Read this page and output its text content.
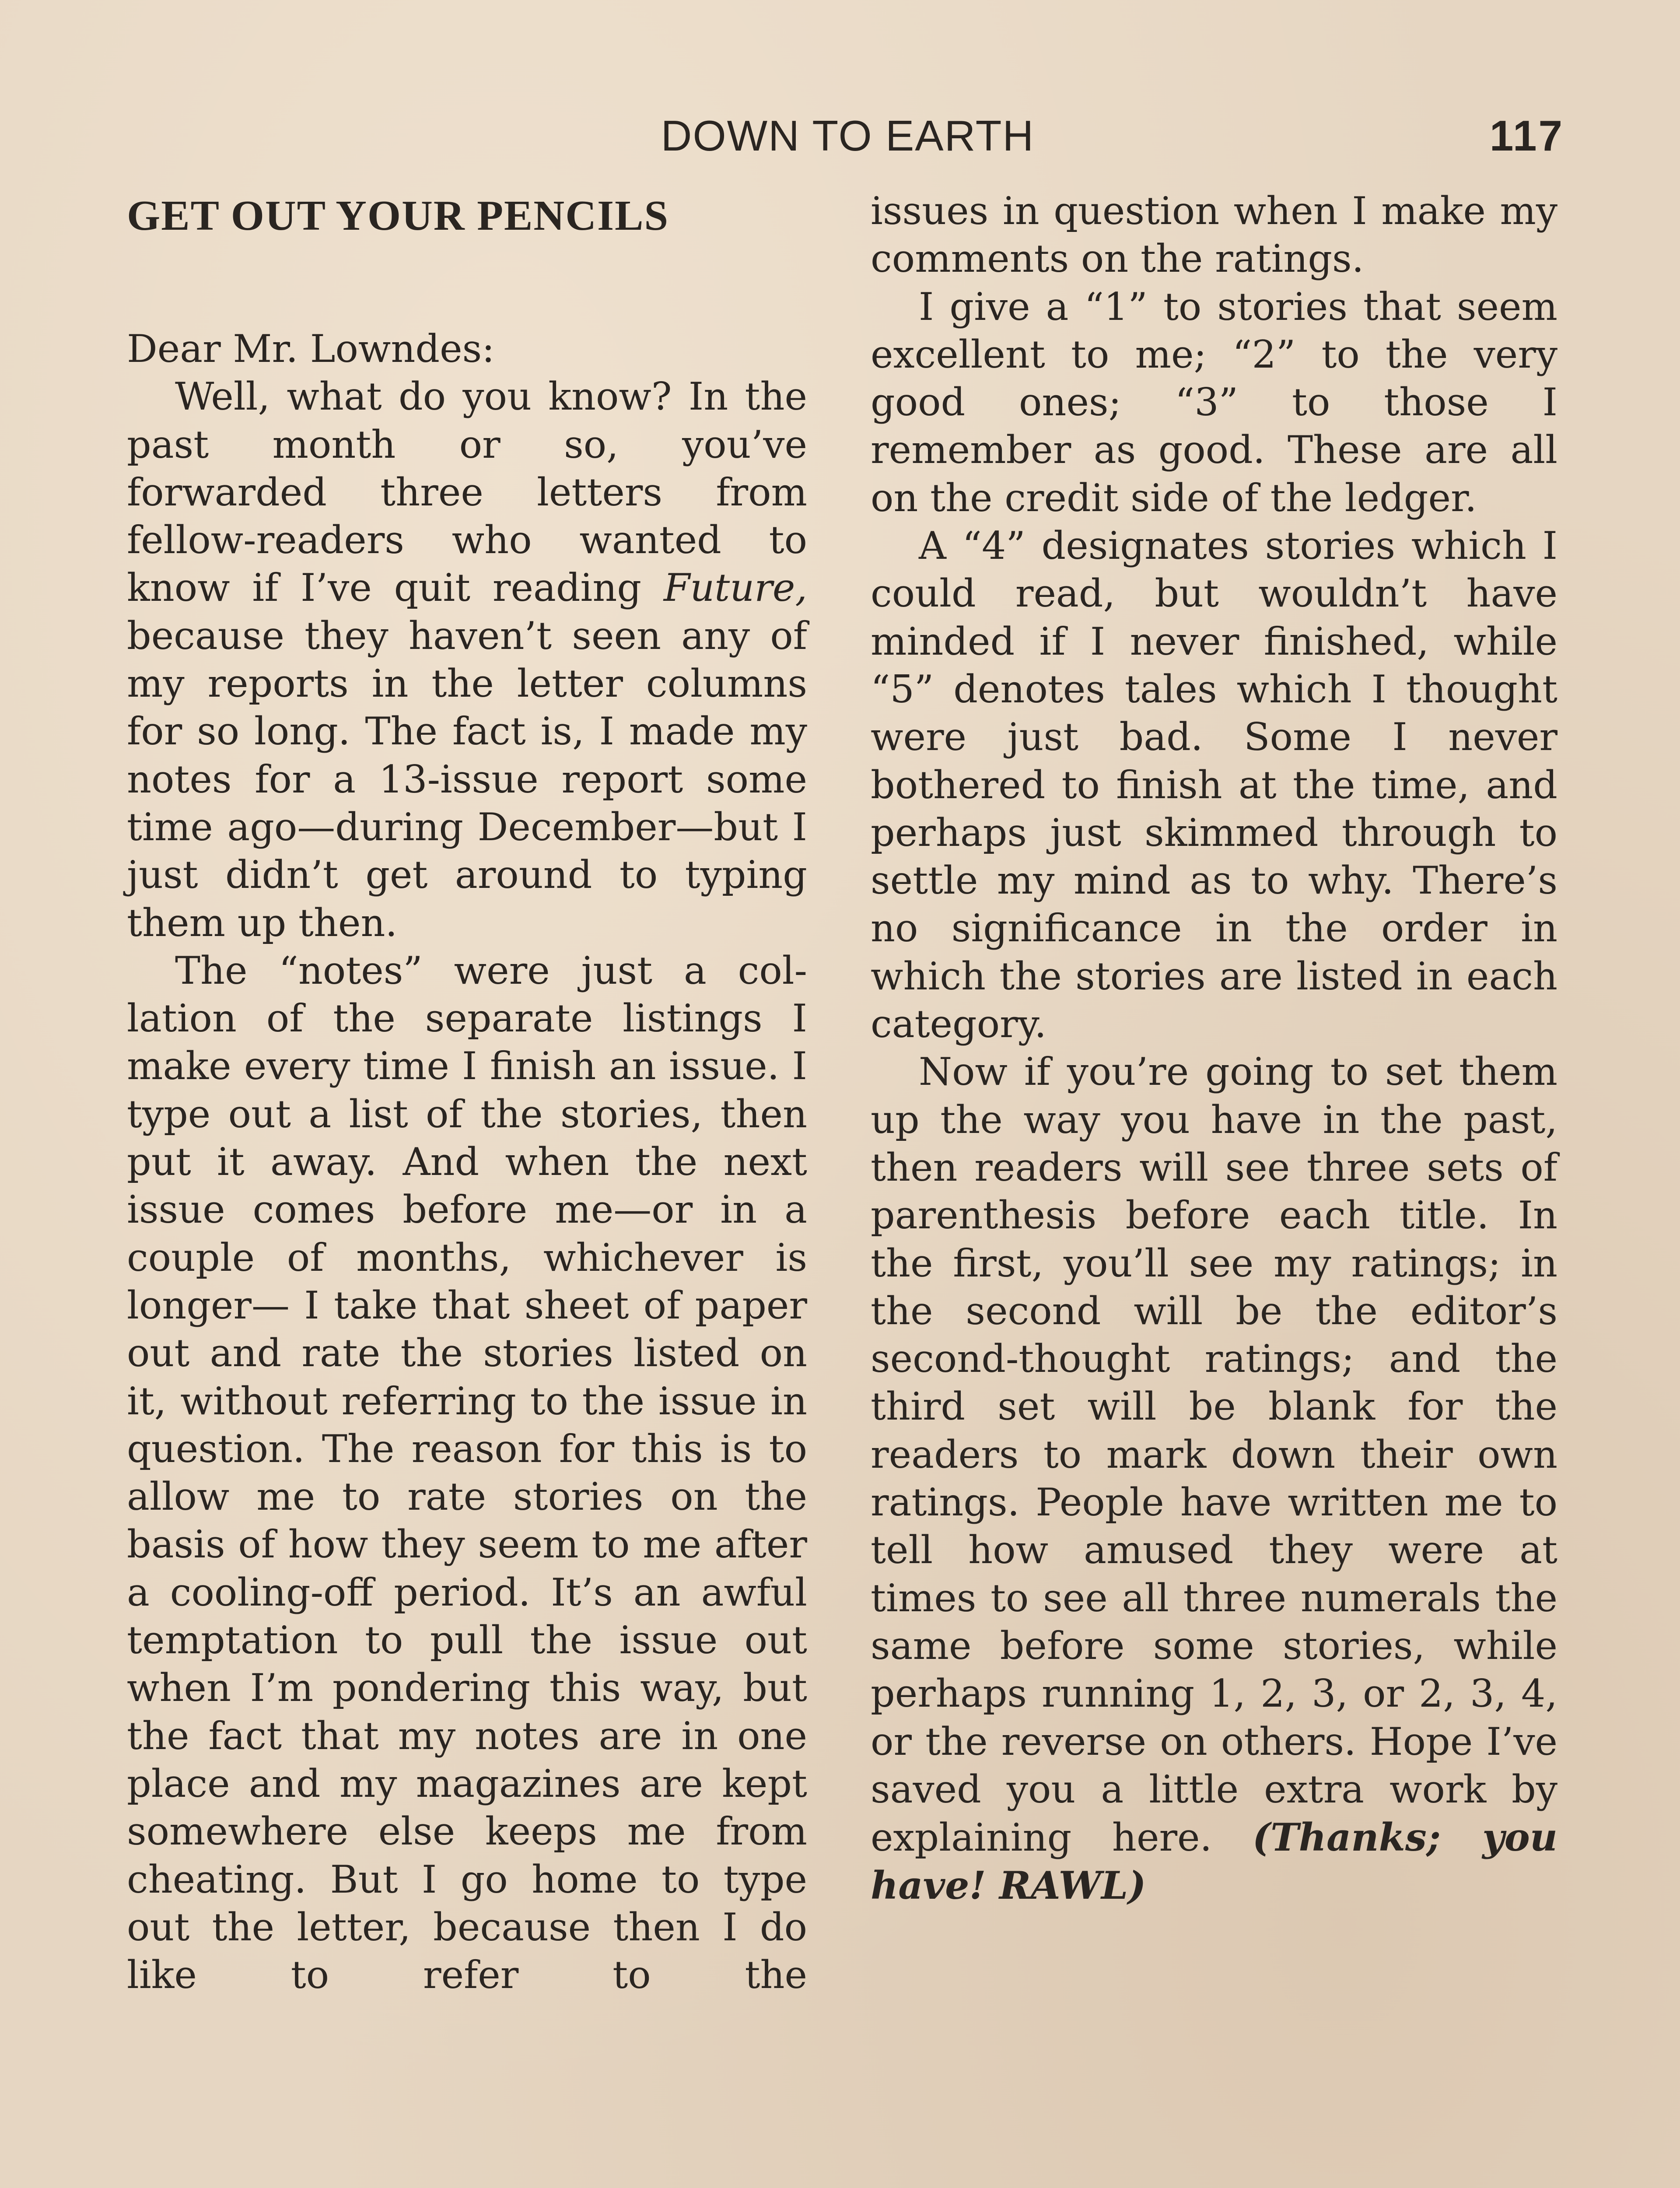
DOWN TO EARTH	117
GET OUT YOUR PENCILS

Dear Mr. Lowndes:

Well, what do you know? In the past month or so, you’ve forwarded three letters from fellow-readers who wanted to know if I’ve quit reading Future, because they haven’t seen any of my reports in the letter columns for so long. The fact is, I made my notes for a 13-issue report some time ago—during December—but I just didn’t get around to typing them up then.

The “notes” were just a collation of the separate listings I make every time I finish an issue. I type out a list of the stories, then put it away. And when the next issue comes before me—or in a couple of months, whichever is longer— I take that sheet of paper out and rate the stories listed on it, without referring to the issue in question. The reason for this is to allow me to rate stories on the basis of how they seem to me after a cooling-off period. It’s an awful temptation to pull the issue out when I’m pondering this way, but the fact that my notes are in one place and my magazines are kept somewhere else keeps me from cheating. But I go home to type out the letter, because then I do like to refer to the

issues in question when I make my comments on the ratings.

I give a “1” to stories that seem excellent to me; “2” to the very good ones; “3” to those I remember as good. These are all on the credit side of the ledger.

A “4” designates stories which I could read, but wouldn’t have minded if I never finished, while “5” denotes tales which I thought were just bad. Some I never bothered to finish at the time, and perhaps just skimmed through to settle my mind as to why. There’s no significance in the order in which the stories are listed in each category.

Now if you’re going to set them up the way you have in the past, then readers will see three sets of parenthesis before each title. In the first, you’ll see my ratings; in the second will be the editor’s second-thought ratings; and the third set will be blank for the readers to mark down their own ratings. People have written me to tell how amused they were at times to see all three numerals the same before some stories, while perhaps running 1, 2, 3, or 2, 3, 4, or the reverse on others. Hope I’ve saved you a little extra work by explaining here. (Thanks; you have! RAWL)
